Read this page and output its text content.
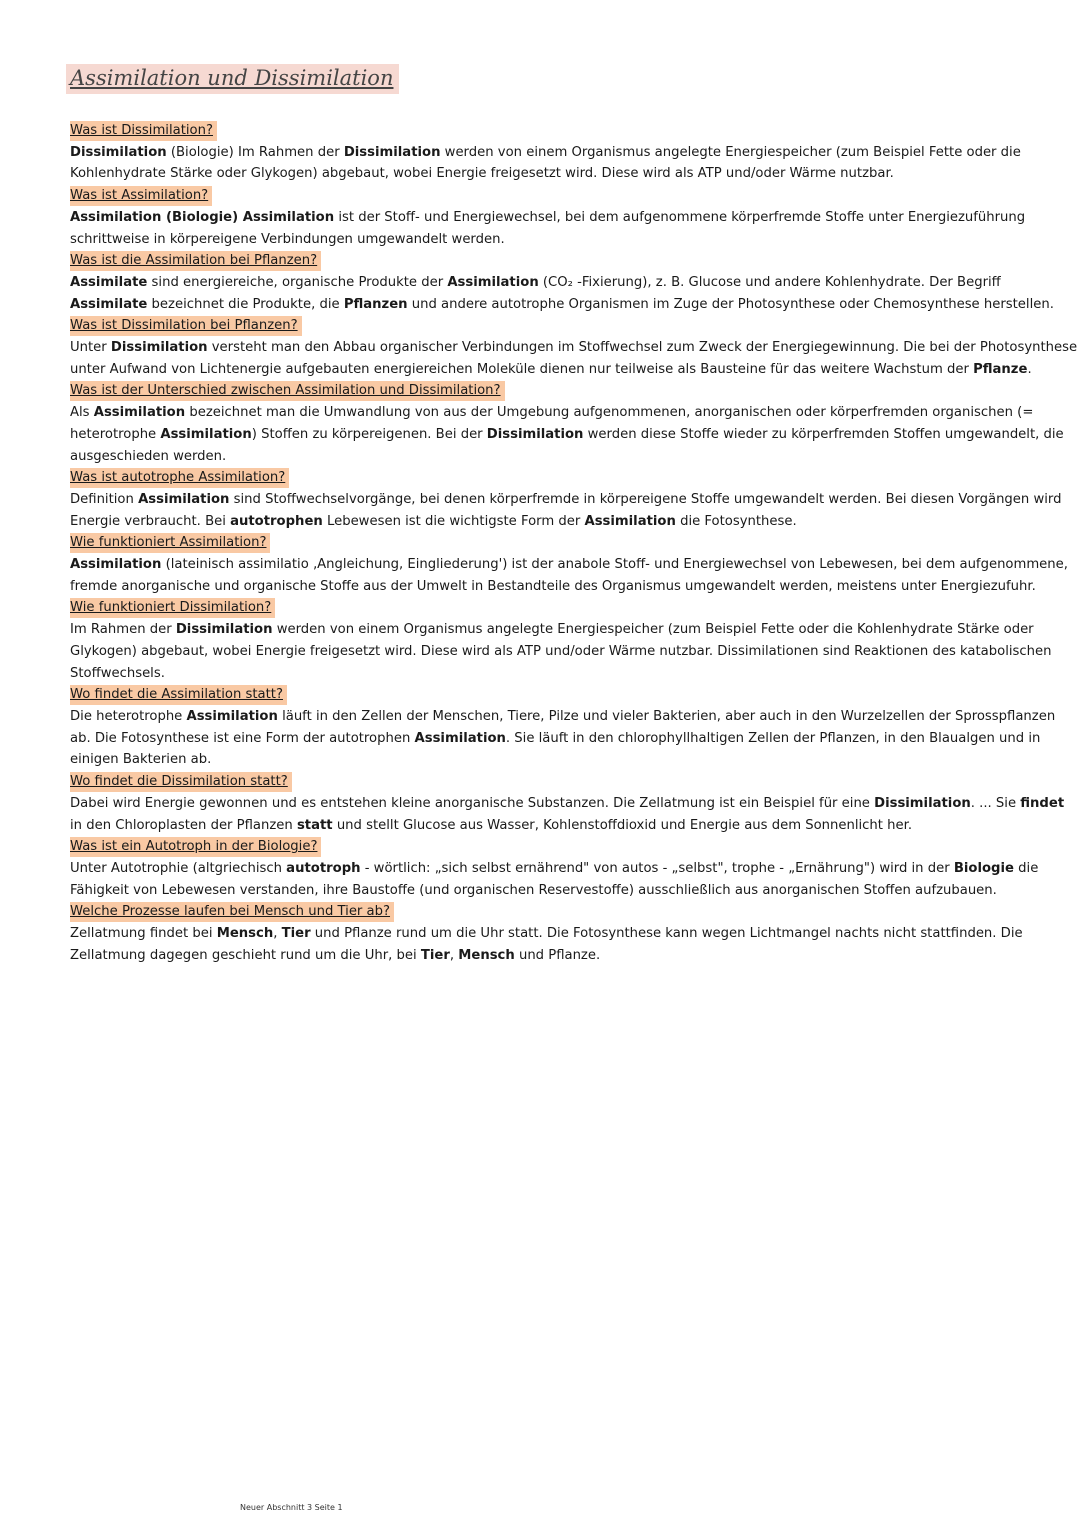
Assimilation und Dissimilation
Was ist Dissimilation?

Dissimilation (Biologie) Im Rahmen der Dissimilation werden von einem Organismus angelegte Energiespeicher (zum Beispiel Fette oder die Kohlenhydrate Stärke oder Glykogen) abgebaut, wobei Energie freigesetzt wird. Diese wird als ATP und/oder Wärme nutzbar.

Was ist Assimilation?

Assimilation (Biologie) Assimilation ist der Stoff- und Energiewechsel, bei dem aufgenommene körperfremde Stoffe unter Energiezuführung schrittweise in körpereigene Verbindungen umgewandelt werden.

Was ist die Assimilation bei Pflanzen?

Assimilate sind energiereiche, organische Produkte der Assimilation (CO₂ -Fixierung), z. B. Glucose und andere Kohlenhydrate. Der Begriff Assimilate bezeichnet die Produkte, die Pflanzen und andere autotrophe Organismen im Zuge der Photosynthese oder Chemosynthese herstellen.

Was ist Dissimilation bei Pflanzen?

Unter Dissimilation versteht man den Abbau organischer Verbindungen im Stoffwechsel zum Zweck der Energiegewinnung. Die bei der Photosynthese unter Aufwand von Lichtenergie aufgebauten energiereichen Moleküle dienen nur teilweise als Bausteine für das weitere Wachstum der Pflanze.

Was ist der Unterschied zwischen Assimilation und Dissimilation?

Als Assimilation bezeichnet man die Umwandlung von aus der Umgebung aufgenommenen, anorganischen oder körperfremden organischen (= heterotrophe Assimilation) Stoffen zu körpereigenen. Bei der Dissimilation werden diese Stoffe wieder zu körperfremden Stoffen umgewandelt, die ausgeschieden werden.

Was ist autotrophe Assimilation?

Definition Assimilation sind Stoffwechselvorgänge, bei denen körperfremde in körpereigene Stoffe umgewandelt werden. Bei diesen Vorgängen wird Energie verbraucht. Bei autotrophen Lebewesen ist die wichtigste Form der Assimilation die Fotosynthese.

Wie funktioniert Assimilation?

Assimilation (lateinisch assimilatio ‚Angleichung, Eingliederung') ist der anabole Stoff- und Energiewechsel von Lebewesen, bei dem aufgenommene, fremde anorganische und organische Stoffe aus der Umwelt in Bestandteile des Organismus umgewandelt werden, meistens unter Energiezufuhr.

Wie funktioniert Dissimilation?

Im Rahmen der Dissimilation werden von einem Organismus angelegte Energiespeicher (zum Beispiel Fette oder die Kohlenhydrate Stärke oder Glykogen) abgebaut, wobei Energie freigesetzt wird. Diese wird als ATP und/oder Wärme nutzbar. Dissimilationen sind Reaktionen des katabolischen Stoffwechsels.

Wo findet die Assimilation statt?

Die heterotrophe Assimilation läuft in den Zellen der Menschen, Tiere, Pilze und vieler Bakterien, aber auch in den Wurzelzellen der Sprosspflanzen ab. Die Fotosynthese ist eine Form der autotrophen Assimilation. Sie läuft in den chlorophyllhaltigen Zellen der Pflanzen, in den Blaualgen und in einigen Bakterien ab.

Wo findet die Dissimilation statt?

Dabei wird Energie gewonnen und es entstehen kleine anorganische Substanzen. Die Zellatmung ist ein Beispiel für eine Dissimilation. ... Sie findet in den Chloroplasten der Pflanzen statt und stellt Glucose aus Wasser, Kohlenstoffdioxid und Energie aus dem Sonnenlicht her.

Was ist ein Autotroph in der Biologie?

Unter Autotrophie (altgriechisch autotroph - wörtlich: „sich selbst ernährend" von autos - „selbst", trophe - „Ernährung") wird in der Biologie die Fähigkeit von Lebewesen verstanden, ihre Baustoffe (und organischen Reservestoffe) ausschließlich aus anorganischen Stoffen aufzubauen.

Welche Prozesse laufen bei Mensch und Tier ab?

Zellatmung findet bei Mensch, Tier und Pflanze rund um die Uhr statt. Die Fotosynthese kann wegen Lichtmangel nachts nicht stattfinden. Die Zellatmung dagegen geschieht rund um die Uhr, bei Tier, Mensch und Pflanze.

Neuer Abschnitt 3 Seite 1
